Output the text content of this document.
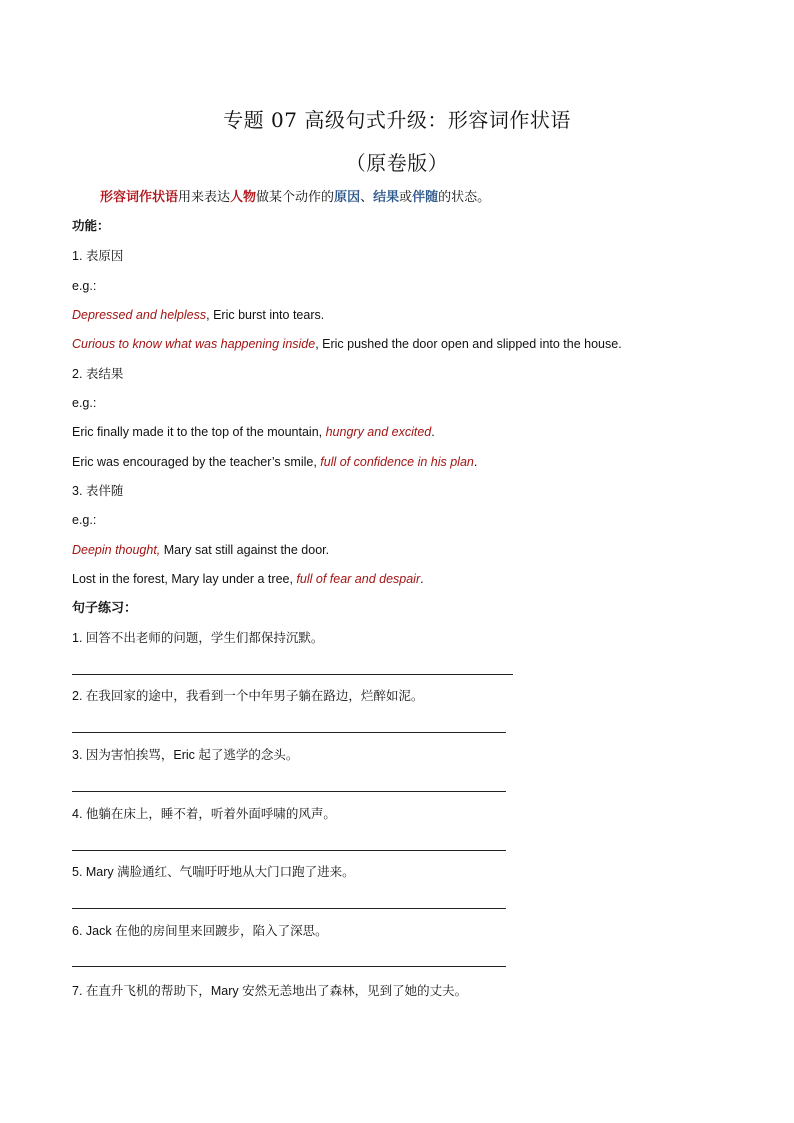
专题 07 高级句式升级：形容词作状语
（原卷版）
形容词作状语用来表达人物做某个动作的原因、结果或伴随的状态。
功能：
1. 表原因
e.g.:
Depressed and helpless, Eric burst into tears.
Curious to know what was happening inside, Eric pushed the door open and slipped into the house.
2. 表结果
e.g.:
Eric finally made it to the top of the mountain, hungry and excited.
Eric was encouraged by the teacher’s smile, full of confidence in his plan.
3. 表伴随
e.g.:
Deepin thought, Mary sat still against the door.
Lost in the forest, Mary lay under a tree, full of fear and despair.
句子练习：
1. 回答不出老师的问题，学生们都保持沉默。
2. 在我回家的途中，我看到一个中年男子躺在路边，烂醉如泥。
3. 因为害怕挨骂，Eric 起了逃学的念头。
4. 他躺在床上，睡不着，听着外面呼啸的风声。
5. Mary 满脸通红、气喘吁吁地从大门口跑了进来。
6. Jack 在他的房间里来回踱步，陷入了深思。
7. 在直升飞机的帮助下，Mary 安然无恙地出了森林，见到了她的丈夫。
